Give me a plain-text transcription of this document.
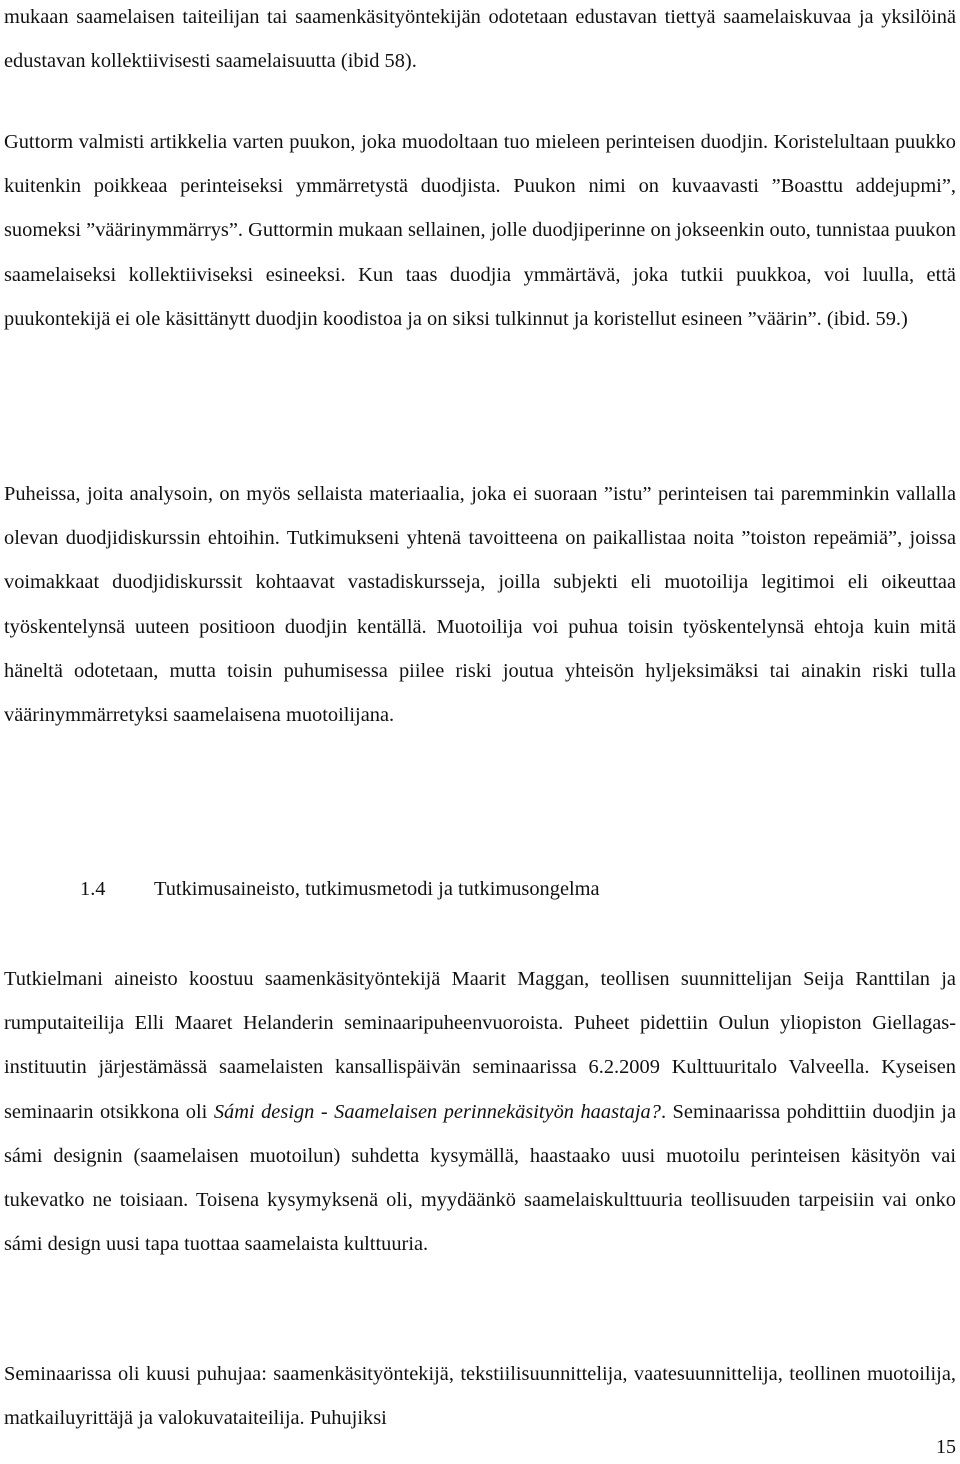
mukaan saamelaisen taiteilijan tai saamenkäsityöntekijän odotetaan edustavan tiettyä saamelaiskuvaa ja yksilöinä edustavan kollektiivisesti saamelaisuutta (ibid 58).

Guttorm valmisti artikkelia varten puukon, joka muodoltaan tuo mieleen perinteisen duodjin. Koristelultaan puukko kuitenkin poikkeaa perinteiseksi ymmärretystä duodjista. Puukon nimi on kuvaavasti ”Boasttu addejupmi”, suomeksi ”väärinymmärrys”. Guttormin mukaan sellainen, jolle duodjiperinne on jokseenkin outo, tunnistaa puukon saamelaiseksi kollektiiviseksi esineeksi. Kun taas duodjia ymmärtävä, joka tutkii puukkoa, voi luulla, että puukontekijä ei ole käsittänytt duodjin koodistoa ja on siksi tulkinnut ja koristellut esineen ”väärin”. (ibid. 59.)

Puheissa, joita analysoin, on myös sellaista materiaalia, joka ei suoraan ”istu” perinteisen tai paremminkin vallalla olevan duodjidiskurssin ehtoihin. Tutkimukseni yhtenä tavoitteena on paikallistaa noita ”toiston repeämiä”, joissa voimakkaat duodjidiskurssit kohtaavat vastadiskursseja, joilla subjekti eli muotoilija legitimoi eli oikeuttaa työskentelynsä uuteen positioon duodjin kentällä. Muotoilija voi puhua toisin työskentelynsä ehtoja kuin mitä häneltä odotetaan, mutta toisin puhumisessa piilee riski joutua yhteisön hyljeksimäksi tai ainakin riski tulla väärinymmärretyksi saamelaisena muotoilijana.

1.4 Tutkimusaineisto, tutkimusmetodi ja tutkimusongelma

Tutkielmani aineisto koostuu saamenkäsityöntekijä Maarit Maggan, teollisen suunnittelijan Seija Ranttilan ja rumputaiteilija Elli Maaret Helanderin seminaaripuheenvuoroista. Puheet pidettiin Oulun yliopiston Giellagas-instituutin järjestämässä saamelaisten kansallispäivän seminaarissa 6.2.2009 Kulttuuritalo Valveella. Kyseisen seminaarin otsikkona oli Sámi design - Saamelaisen perinnekäsityön haastaja?. Seminaarissa pohdittiin duodjin ja sámi designin (saamelaisen muotoilun) suhdetta kysymällä, haastaako uusi muotoilu perinteisen käsityön vai tukevatko ne toisiaan. Toisena kysymyksenä oli, myydäänkö saamelaiskulttuuria teollisuuden tarpeisiin vai onko sámi design uusi tapa tuottaa saamelaista kulttuuria.

Seminaarissa oli kuusi puhujaa: saamenkäsityöntekijä, tekstiilisuunnittelija, vaatesuunnittelija, teollinen muotoilija, matkailuyrittäjä ja valokuvataiteilija. Puhujiksi

15
